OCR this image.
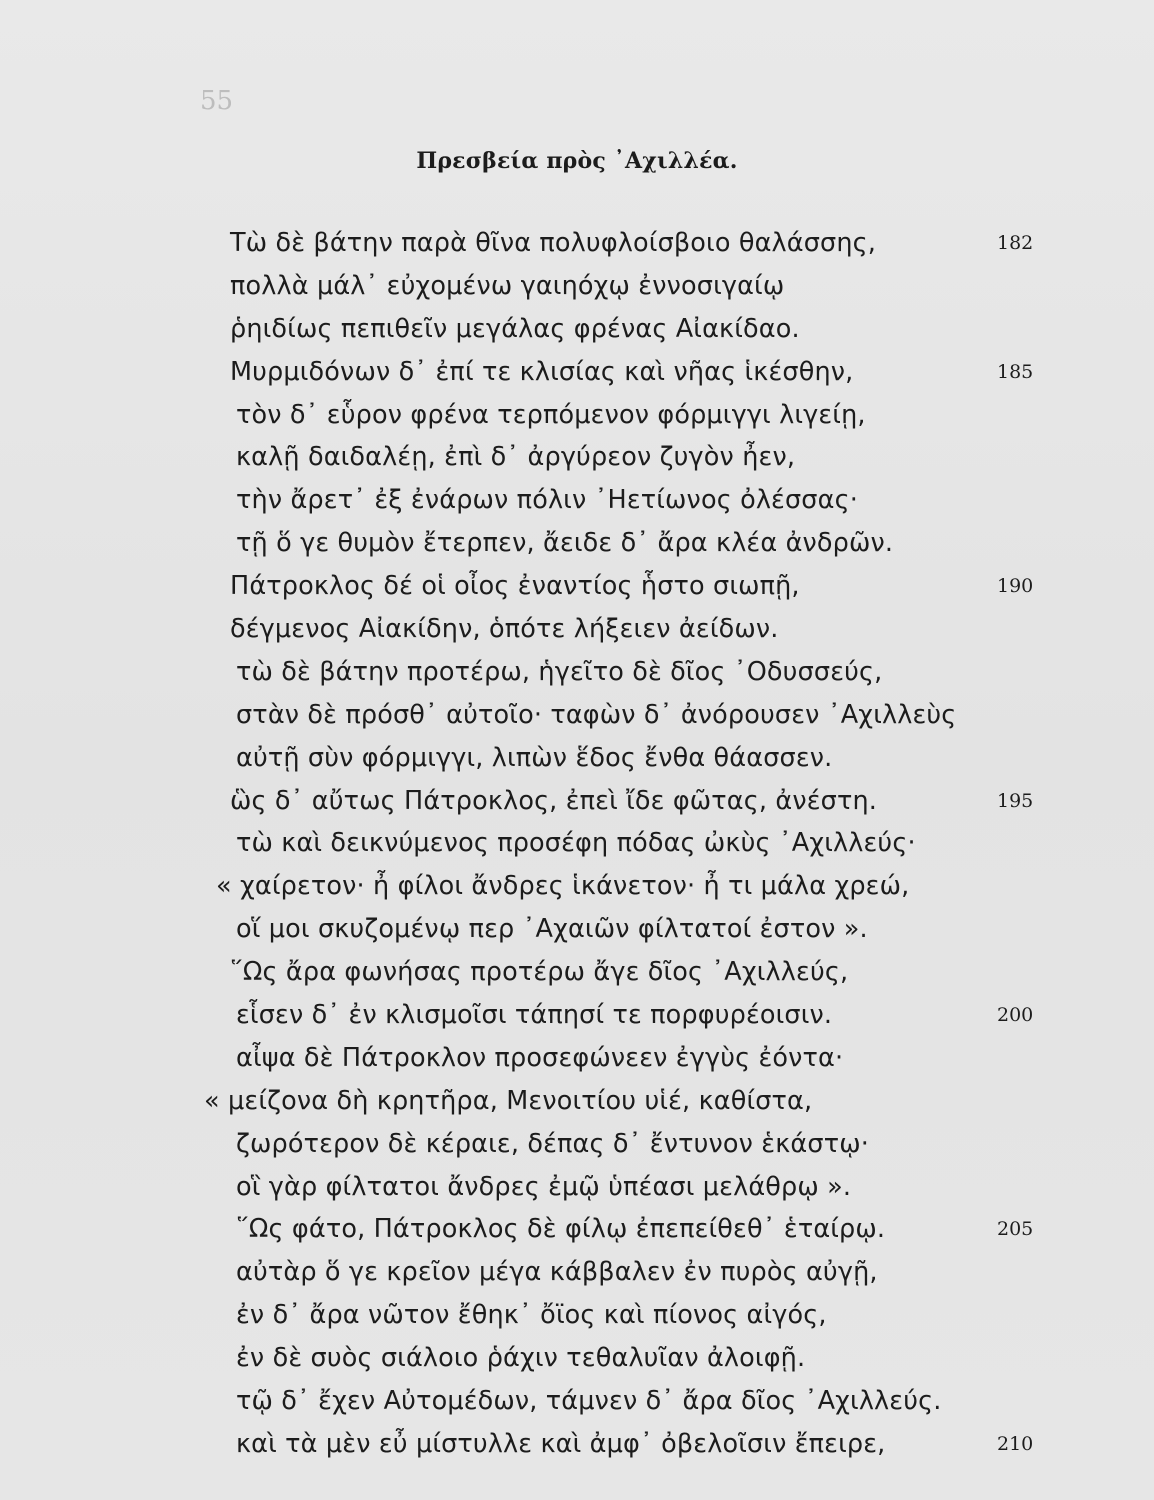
55
Πρεσβεία πρὸς ᾿Αχιλλέα.
Τὼ δὲ βάτην παρὰ θῖνα πολυφλοίσβοιο θαλάσσης,	182
πολλὰ μάλ᾿ εὐχομένω γαιηόχῳ ἐννοσιγαίῳ
ῥηιδίως πεπιθεῖν μεγάλας φρένας Αἰακίδαο.
Μυρμιδόνων δ᾿ ἐπί τε κλισίας καὶ νῆας ἱκέσθην,	185
τὸν δ᾿ εὗρον φρένα τερπόμενον φόρμιγγι λιγείῃ,
καλῇ δαιδαλέῃ, ἐπὶ δ᾿ ἀργύρεον ζυγὸν ἦεν,
τὴν ἄρετ᾿ ἐξ ἐνάρων πόλιν ᾿Ηετίωνος ὀλέσσας·
τῇ ὅ γε θυμὸν ἔτερπεν, ἄειδε δ᾿ ἄρα κλέα ἀνδρῶν.
Πάτροκλος δέ οἱ οἶος ἐναντίος ἧστο σιωπῇ,	190
δέγμενος Αἰακίδην, ὁπότε λήξειεν ἀείδων.
τὼ δὲ βάτην προτέρω, ἡγεῖτο δὲ δῖος ᾿Οδυσσεύς,
στὰν δὲ πρόσθ᾿ αὐτοῖο· ταφὼν δ᾿ ἀνόρουσεν ᾿Αχιλλεὺς
αὐτῇ σὺν φόρμιγγι, λιπὼν ἕδος ἔνθα θάασσεν.
ὣς δ᾿ αὔτως Πάτροκλος, ἐπεὶ ἴδε φῶτας, ἀνέστη.	195
τὼ καὶ δεικνύμενος προσέφη πόδας ὠκὺς ᾿Αχιλλεύς·
« χαίρετον· ἦ φίλοι ἄνδρες ἱκάνετον· ἦ τι μάλα χρεώ,
οἵ μοι σκυζομένῳ περ ᾿Αχαιῶν φίλτατοί ἐστον ».
῞Ως ἄρα φωνήσας προτέρω ἄγε δῖος ᾿Αχιλλεύς,
εἷσεν δ᾿ ἐν κλισμοῖσι τάπησί τε πορφυρέοισιν.	200
αἶψα δὲ Πάτροκλον προσεφώνεεν ἐγγὺς ἐόντα·
« μείζονα δὴ κρητῆρα, Μενοιτίου υἱέ, καθίστα,
ζωρότερον δὲ κέραιε, δέπας δ᾿ ἔντυνον ἑκάστῳ·
οἳ γὰρ φίλτατοι ἄνδρες ἐμῷ ὑπέασι μελάθρῳ ».
῞Ως φάτο, Πάτροκλος δὲ φίλῳ ἐπεπείθεθ᾿ ἑταίρῳ.	205
αὐτὰρ ὅ γε κρεῖον μέγα κάββαλεν ἐν πυρὸς αὐγῇ,
ἐν δ᾿ ἄρα νῶτον ἔθηκ᾿ ὄϊος καὶ πίονος αἰγός,
ἐν δὲ συὸς σιάλοιο ῥάχιν τεθαλυῖαν ἀλοιφῇ.
τῷ δ᾿ ἔχεν Αὐτομέδων, τάμνεν δ᾿ ἄρα δῖος ᾿Αχιλλεύς.
καὶ τὰ μὲν εὖ μίστυλλε καὶ ἀμφ᾿ ὀβελοῖσιν ἔπειρε,	210
